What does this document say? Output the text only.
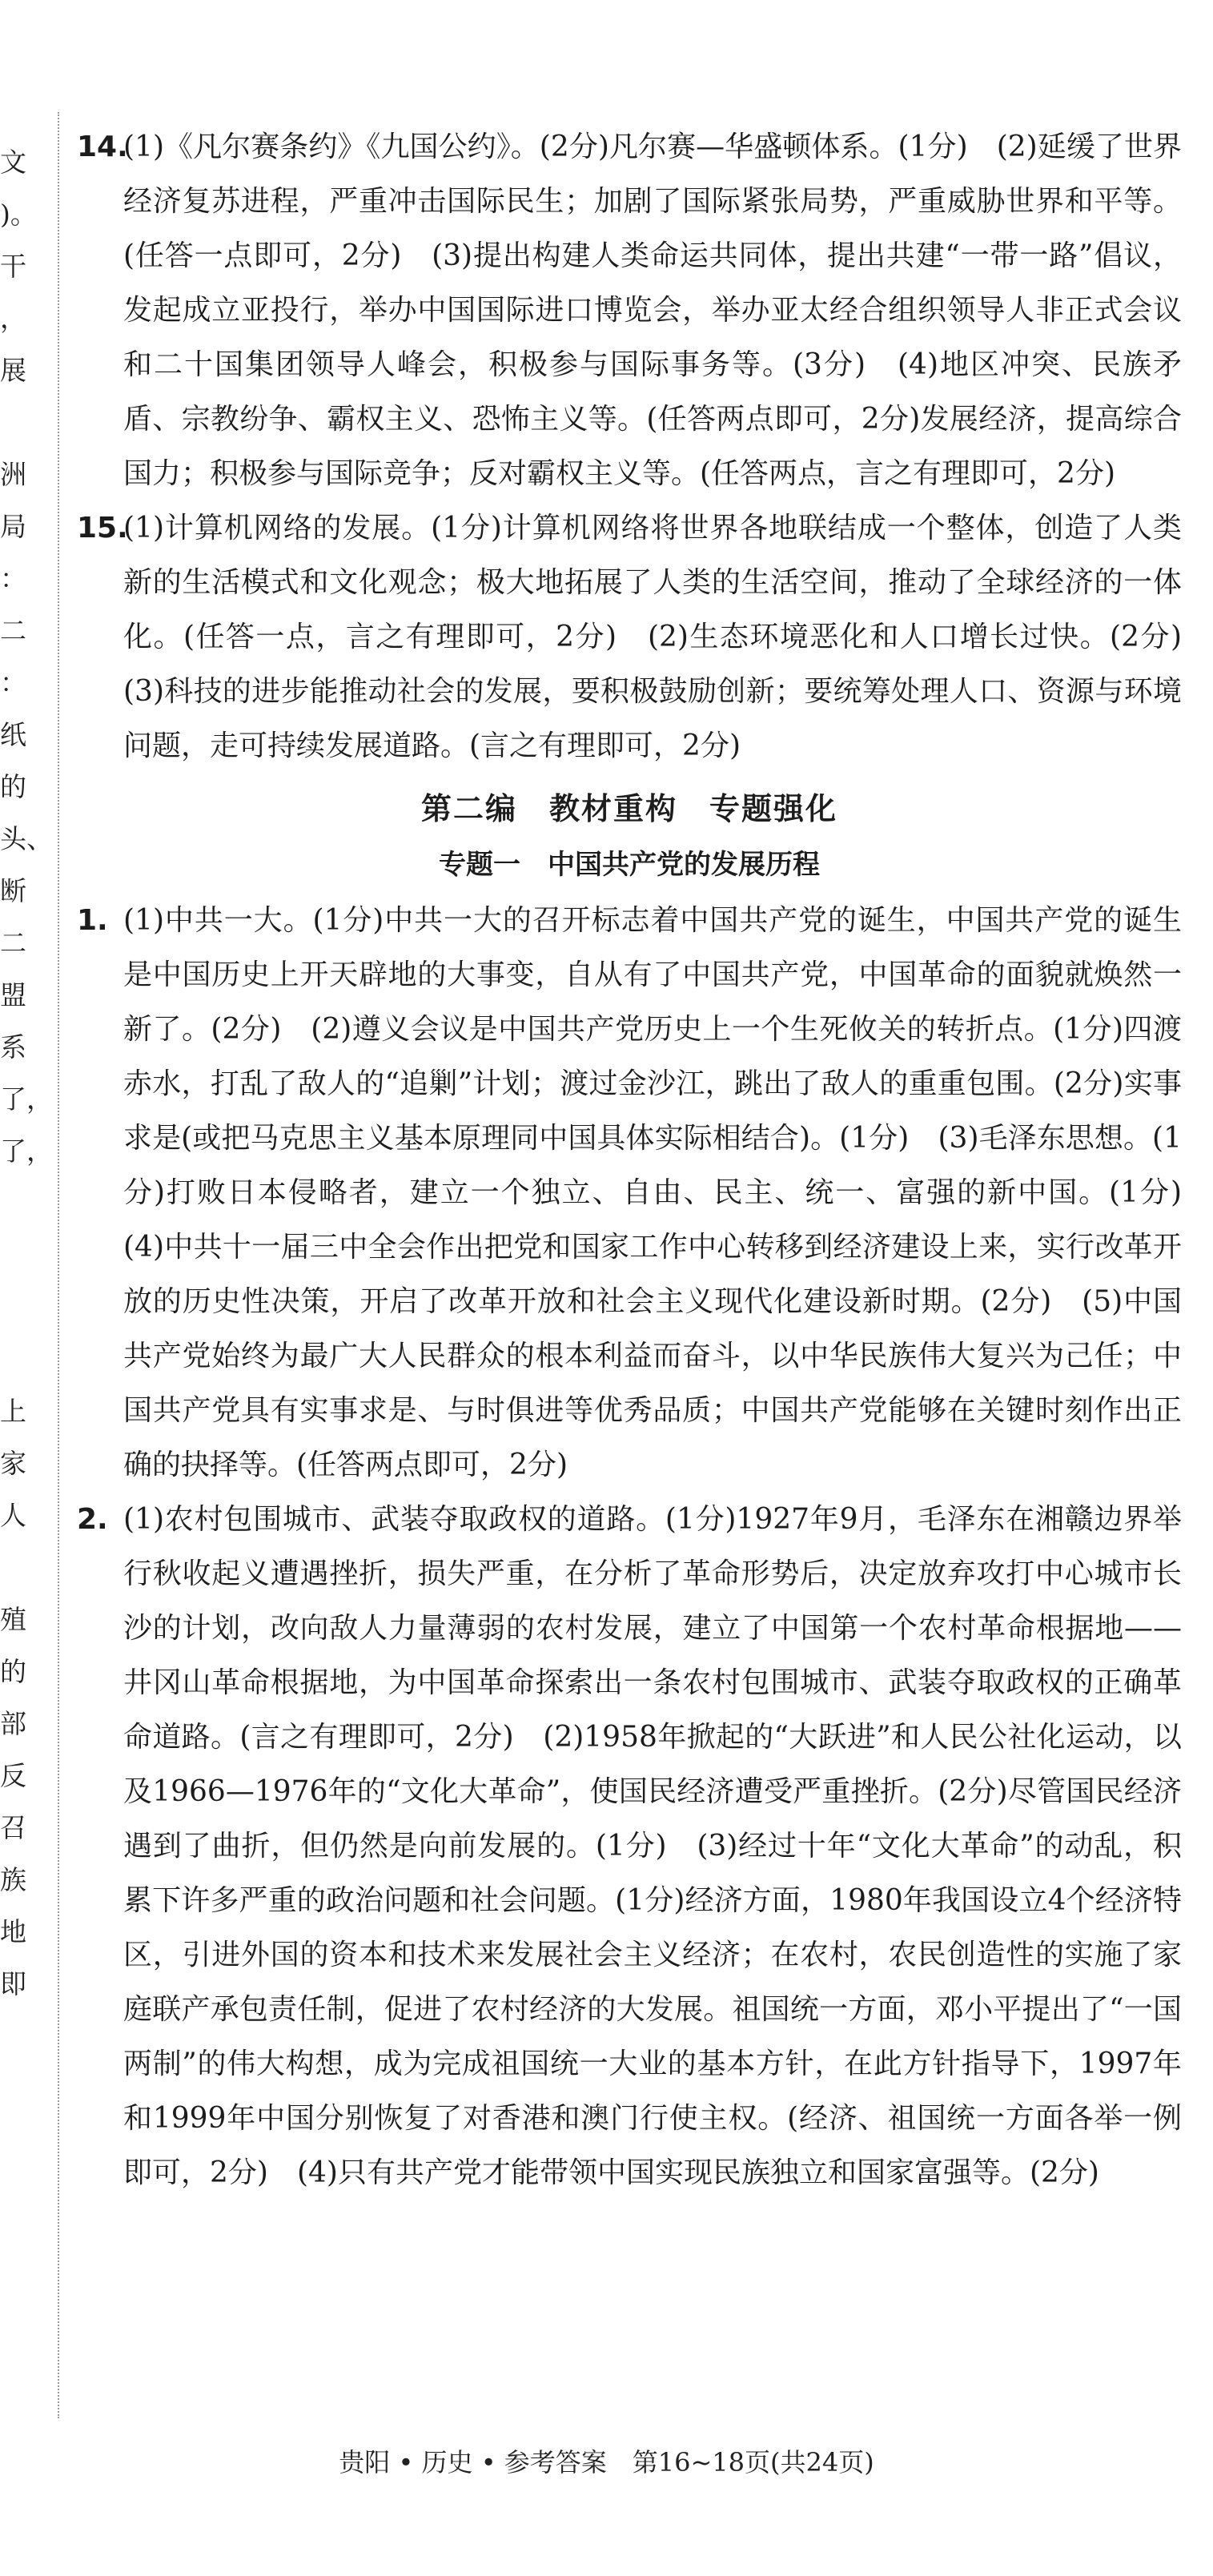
文
)。
干
，
展
洲
局
：
二
：
纸
的
头、
断
二
盟
系
了，
了，
上
家
人
殖
的
部
反
召
族
地
即
14.
(1)《凡尔赛条约》《九国公约》。(2分)凡尔赛—华盛顿体系。(1分)　(2)延缓了世界经济复苏进程，严重冲击国际民生；加剧了国际紧张局势，严重威胁世界和平等。(任答一点即可，2分)　(3)提出构建人类命运共同体，提出共建“一带一路”倡议，发起成立亚投行，举办中国国际进口博览会，举办亚太经合组织领导人非正式会议和二十国集团领导人峰会，积极参与国际事务等。(3分)　(4)地区冲突、民族矛盾、宗教纷争、霸权主义、恐怖主义等。(任答两点即可，2分)发展经济，提高综合国力；积极参与国际竞争；反对霸权主义等。(任答两点，言之有理即可，2分)
15.
(1)计算机网络的发展。(1分)计算机网络将世界各地联结成一个整体，创造了人类新的生活模式和文化观念；极大地拓展了人类的生活空间，推动了全球经济的一体化。(任答一点，言之有理即可，2分)　(2)生态环境恶化和人口增长过快。(2分)　(3)科技的进步能推动社会的发展，要积极鼓励创新；要统筹处理人口、资源与环境问题，走可持续发展道路。(言之有理即可，2分)
第二编　教材重构　专题强化
专题一　中国共产党的发展历程
1. (1)中共一大。(1分)中共一大的召开标志着中国共产党的诞生，中国共产党的诞生是中国历史上开天辟地的大事变，自从有了中国共产党，中国革命的面貌就焕然一新了。(2分)　(2)遵义会议是中国共产党历史上一个生死攸关的转折点。(1分)四渡赤水，打乱了敌人的“追剿”计划；渡过金沙江，跳出了敌人的重重包围。(2分)实事求是(或把马克思主义基本原理同中国具体实际相结合)。(1分)　(3)毛泽东思想。(1分)打败日本侵略者，建立一个独立、自由、民主、统一、富强的新中国。(1分)　(4)中共十一届三中全会作出把党和国家工作中心转移到经济建设上来，实行改革开放的历史性决策，开启了改革开放和社会主义现代化建设新时期。(2分)　(5)中国共产党始终为最广大人民群众的根本利益而奋斗，以中华民族伟大复兴为己任；中国共产党具有实事求是、与时俱进等优秀品质；中国共产党能够在关键时刻作出正确的抉择等。(任答两点即可，2分)
2. (1)农村包围城市、武装夺取政权的道路。(1分)1927年9月，毛泽东在湘赣边界举行秋收起义遭遇挫折，损失严重，在分析了革命形势后，决定放弃攻打中心城市长沙的计划，改向敌人力量薄弱的农村发展，建立了中国第一个农村革命根据地——井冈山革命根据地，为中国革命探索出一条农村包围城市、武装夺取政权的正确革命道路。(言之有理即可，2分)　(2)1958年掀起的“大跃进”和人民公社化运动，以及1966—1976年的“文化大革命”，使国民经济遭受严重挫折。(2分)尽管国民经济遇到了曲折，但仍然是向前发展的。(1分)　(3)经过十年“文化大革命”的动乱，积累下许多严重的政治问题和社会问题。(1分)经济方面，1980年我国设立4个经济特区，引进外国的资本和技术来发展社会主义经济；在农村，农民创造性的实施了家庭联产承包责任制，促进了农村经济的大发展。祖国统一方面，邓小平提出了“一国两制”的伟大构想，成为完成祖国统一大业的基本方针，在此方针指导下，1997年和1999年中国分别恢复了对香港和澳门行使主权。(经济、祖国统一方面各举一例即可，2分)　(4)只有共产党才能带领中国实现民族独立和国家富强等。(2分)
贵阳 • 历史 • 参考答案　第16~18页(共24页)
